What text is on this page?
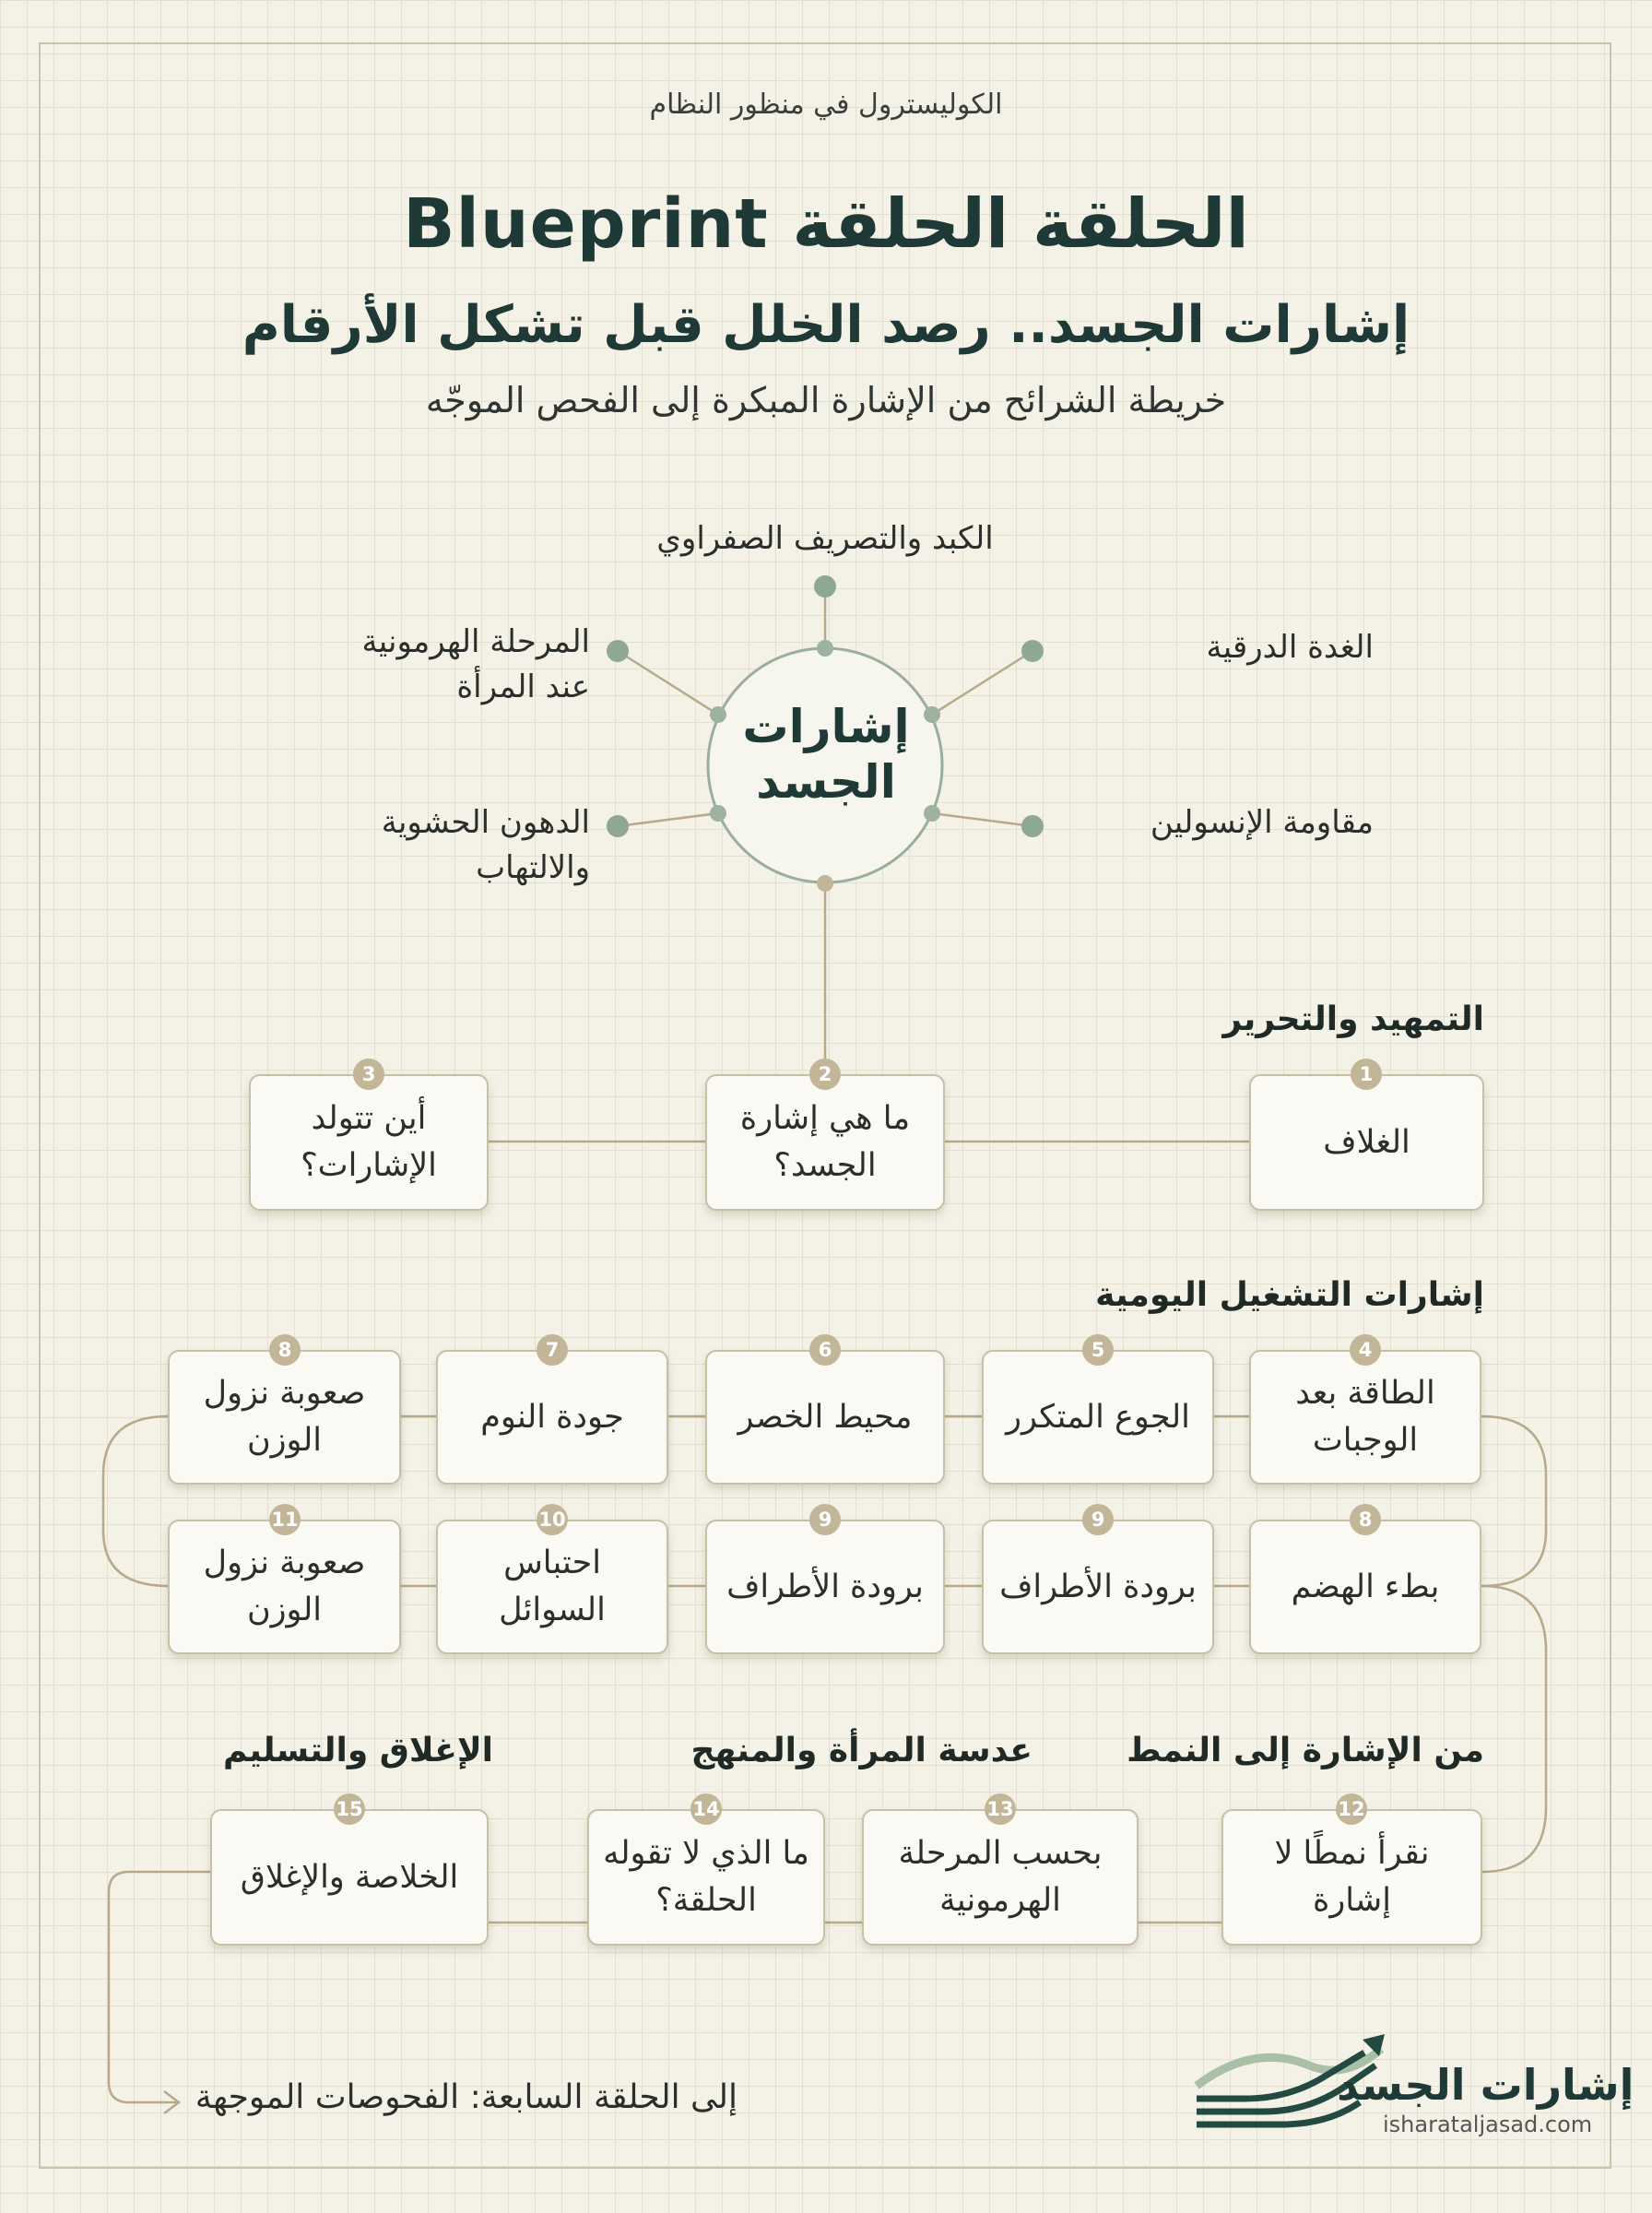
الكوليسترول في منظور النظام
الحلقة الحلقة Blueprint
إشارات الجسد.. رصد الخلل قبل تشكل الأرقام
خريطة الشرائح من الإشارة المبكرة إلى الفحص الموجّه
إشارات الجسد
الكبد والتصريف الصفراوي
الغدة الدرقية
المرحلة الهرمونية عند المرأة
مقاومة الإنسولين
الدهون الحشوية والالتهاب
التمهيد والتحرير
إشارات التشغيل اليومية
من الإشارة إلى النمط
عدسة المرأة والمنهج
الإغلاق والتسليم
الغلاف
1
ما هي إشارة الجسد؟
2
أين تتولد الإشارات؟
3
الطاقة بعد الوجبات
4
الجوع المتكرر
5
محيط الخصر
6
جودة النوم
7
صعوبة نزول الوزن
8
بطء الهضم
8
برودة الأطراف
9
برودة الأطراف
9
احتباس السوائل
10
صعوبة نزول الوزن
11
نقرأ نمطًا لا إشارة
12
بحسب المرحلة الهرمونية
13
ما الذي لا تقوله الحلقة؟
14
الخلاصة والإغلاق
15
إلى الحلقة السابعة: الفحوصات الموجهة	إشارات الجسد
isharataljasad.com
